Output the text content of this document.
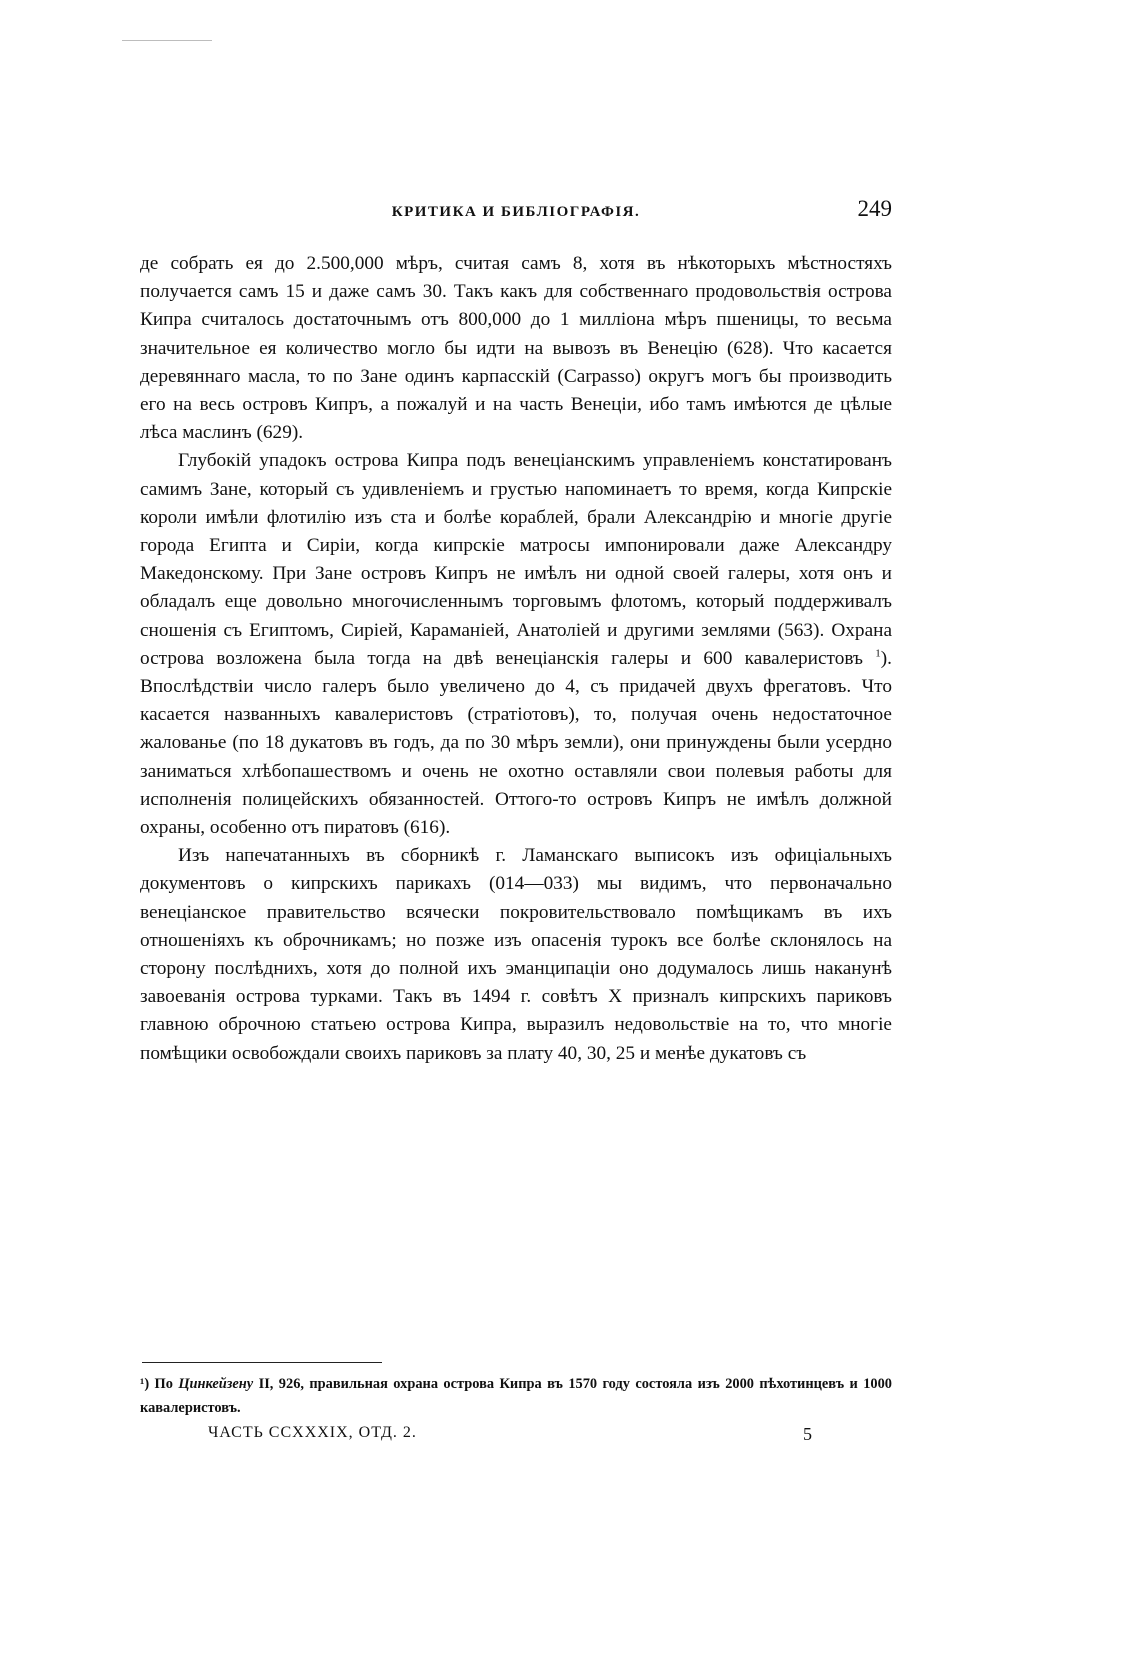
КРИТИКА И БИБЛІОГРАФІЯ.	249

де собрать ея до 2.500,000 мѣръ, считая самъ 8, хотя въ нѣкоторыхъ мѣстностяхъ получается самъ 15 и даже самъ 30. Такъ какъ для собственнаго продовольствія острова Кипра считалось достаточнымъ отъ 800,000 до 1 милліона мѣръ пшеницы, то весьма значительное ея количество могло бы идти на вывозъ въ Венецію (628). Что касается деревяннаго масла, то по Зане одинъ карпасскій (Carpasso) округъ могъ бы производить его на весь островъ Кипръ, а пожалуй и на часть Венеціи, ибо тамъ имѣются де цѣлые лѣса маслинъ (629).

Глубокій упадокъ острова Кипра подъ венеціанскимъ управленіемъ констатированъ самимъ Зане, который съ удивленіемъ и грустью напоминаетъ то время, когда Кипрскіе короли имѣли флотилію изъ ста и болѣе кораблей, брали Александрію и многіе другіе города Египта и Сиріи, когда кипрскіе матросы импонировали даже Александру Македонскому. При Зане островъ Кипръ не имѣлъ ни одной своей галеры, хотя онъ и обладалъ еще довольно многочисленнымъ торговымъ флотомъ, который поддерживалъ сношенія съ Египтомъ, Сиріей, Караманіей, Анатоліей и другими землями (563). Охрана острова возложена была тогда на двѣ венеціанскія галеры и 600 кавалеристовъ $^1$). Впослѣдствіи число галеръ было увеличено до 4, съ придачей двухъ фрегатовъ. Что касается названныхъ кавалеристовъ (стратіотовъ), то, получая очень недостаточное жалованье (по 18 дукатовъ въ годъ, да по 30 мѣръ земли), они принуждены были усердно заниматься хлѣбопашествомъ и очень не охотно оставляли свои полевыя работы для исполненія полицейскихъ обязанностей. Оттого-то островъ Кипръ не имѣлъ должной охраны, особенно отъ пиратовъ (616).

Изъ напечатанныхъ въ сборникѣ г. Ламанскаго выписокъ изъ офиціальныхъ документовъ о кипрскихъ парикахъ (014—033) мы видимъ, что первоначально венеціанское правительство всячески покровительствовало помѣщикамъ въ ихъ отношеніяхъ къ оброчникамъ; но позже изъ опасенія турокъ все болѣе склонялось на сторону послѣднихъ, хотя до полной ихъ эманципаціи оно додумалось лишь наканунѣ завоеванія острова турками. Такъ въ 1494 г. совѣтъ X призналъ кипрскихъ париковъ главною оброчною статьею острова Кипра, выразилъ недовольствіе на то, что многіе помѣщики освобождали своихъ париковъ за плату 40, 30, 25 и менѣе дукатовъ съ

¹) По Цинкейзену II, 926, правильная охрана острова Кипра въ 1570 году состояла изъ 2000 пѣхотинцевъ и 1000 кавалеристовъ.
ЧАСТЬ CCXXXIX, ОТД. 2.	5
